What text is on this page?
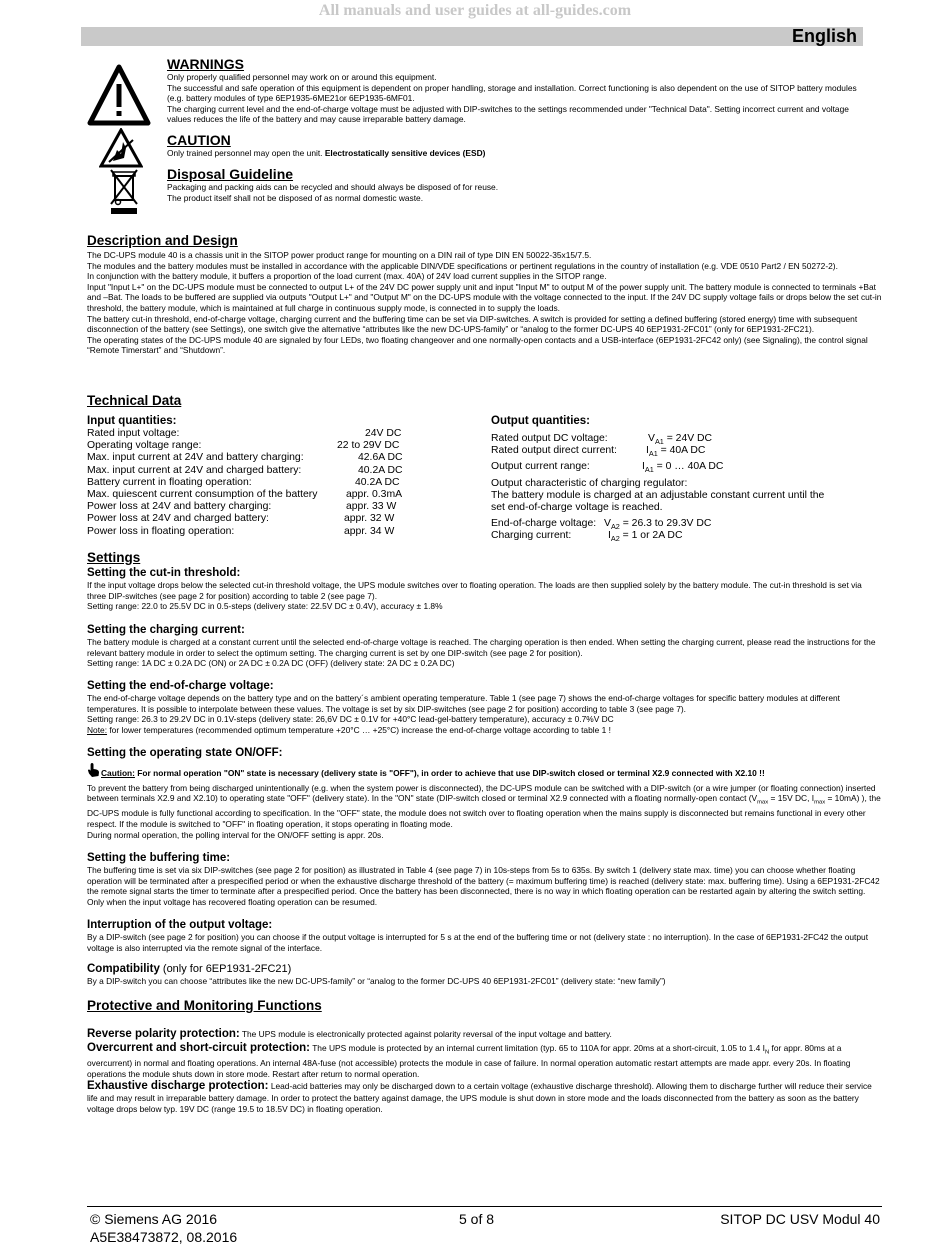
All manuals and user guides at all-guides.com
English
WARNINGS
Only properly qualified personnel may work on or around this equipment.
The successful and safe operation of this equipment is dependent on proper handling, storage and installation. Correct functioning is also dependent on the use of SITOP battery modules (e.g. battery modules of type 6EP1935-6ME21or 6EP1935-6MF01.
The charging current level and the end-of-charge voltage must be adjusted with DIP-switches to the settings recommended under "Technical Data". Setting incorrect current and voltage values reduces the life of the battery and may cause irreparable battery damage.
CAUTION
Only trained personnel may open the unit. Electrostatically sensitive devices (ESD)
Disposal Guideline
Packaging and packing aids can be recycled and should always be disposed of for reuse.
The product itself shall not be disposed of as normal domestic waste.
Description and Design

The DC-UPS module 40 is a chassis unit in the SITOP power product range for mounting on a DIN rail of type DIN EN 50022-35x15/7.5.

The modules and the battery modules must be installed in accordance with the applicable DIN/VDE specifications or pertinent regulations in the country of installation (e.g. VDE 0510 Part2 / EN 50272-2).

In conjunction with the battery module, it buffers a proportion of the load current (max. 40A) of 24V load current supplies in the SITOP range.

Input "Input L+" on the DC-UPS module must be connected to output L+ of the 24V DC power supply unit and input "Input M" to output M of the power supply unit. The battery module is connected to terminals +Bat and –Bat. The loads to be buffered are supplied via outputs "Output L+" and "Output M" on the DC-UPS module with the voltage connected to the input. If the 24V DC supply voltage fails or drops below the set cut-in threshold, the battery module, which is maintained at full charge in continuous supply mode, is connected in to supply the loads.

The battery cut-in threshold, end-of-charge voltage, charging current and the buffering time can be set via DIP-switches. A switch is provided for setting a defined buffering (stored energy) time with subsequent disconnection of the battery (see Settings), one switch give the alternative “attributes like the new DC-UPS-family” or “analog to the former DC-UPS 40 6EP1931-2FC01” (only for 6EP1931-2FC21).

The operating states of the DC-UPS module 40 are signaled by four LEDs, two floating changeover and one normally-open contacts and a USB-interface (6EP1931-2FC42 only) (see Signaling), the control signal “Remote Timerstart” and “Shutdown”.

Technical Data
Input quantities:
Rated input voltage:	24V DC
Operating voltage range:	22 to 29V DC
Max. input current at 24V and battery charging:	42.6A DC
Max. input current at 24V and charged battery:	40.2A DC
Battery current in floating operation:	40.2A DC
Max. quiescent current consumption of the battery	appr. 0.3mA
Power loss at 24V and battery charging:	appr. 33 W
Power loss at 24V and charged battery:	appr. 32 W
Power loss in floating operation:	appr. 34 W
Output quantities:
Rated output DC voltage:	$V_{A1} = 24V$ DC
Rated output direct current:	$I_{A1} = 40A$ DC
Output current range:	$I_{A1} = 0$ … 40A DC
Output characteristic of charging regulator:
The battery module is charged at an adjustable constant current until the
set end-of-charge voltage is reached.
End-of-charge voltage: $V_{A2} = 26.3$ to 29.3V DC
Charging current:	$I_{A2} = 1$ or 2A DC
Settings
Setting the cut-in threshold:

If the input voltage drops below the selected cut-in threshold voltage, the UPS module switches over to floating operation. The loads are then supplied solely by the battery module. The cut-in threshold is set via three DIP-switches (see page 2 for position) according to table 2 (see page 7).

Setting range: 22.0 to 25.5V DC in 0.5-steps (delivery state: 22.5V DC ± 0.4V), accuracy ± 1.8%

Setting the charging current:

The battery module is charged at a constant current until the selected end-of-charge voltage is reached. The charging operation is then ended. When setting the charging current, please read the instructions for the relevant battery module in order to select the optimum setting. The charging current is set by one DIP-switch (see page 2 for position).

Setting range: 1A DC ± 0.2A DC (ON) or 2A DC ± 0.2A DC (OFF) (delivery state: 2A DC ± 0.2A DC)

Setting the end-of-charge voltage:

The end-of-charge voltage depends on the battery type and on the battery´s ambient operating temperature. Table 1 (see page 7) shows the end-of-charge voltages for specific battery modules at different temperatures. It is possible to interpolate between these values. The voltage is set by six DIP-switches (see page 2 for position) according to table 3 (see page 7).

Setting range: 26.3 to 29.2V DC in 0.1V-steps (delivery state: 26,6V DC ± 0.1V for +40°C lead-gel-battery temperature), accuracy ± 0.7%V DC

Note: for lower temperatures (recommended optimum temperature +20°C … +25°C) increase the end-of-charge voltage according to table 1 !

Setting the operating state ON/OFF:

Caution: For normal operation "ON" state is necessary (delivery state is "OFF"), in order to achieve that use DIP-switch closed or terminal X2.9 connected with X2.10 !!

To prevent the battery from being discharged unintentionally (e.g. when the system power is disconnected), the DC-UPS module can be switched with a DIP-switch (or a wire jumper (or floating connection) inserted between terminals X2.9 and X2.10) to operating state "OFF" (delivery state). In the "ON" state (DIP-switch closed or terminal X2.9 connected with a floating normally-open contact ($V_{max} = 15V$ DC, $I_{max} = 10mA$) ), the DC-UPS module is fully functional according to specification. In the "OFF" state, the module does not switch over to floating operation when the mains supply is disconnected but remains functional in every other respect. If the module is switched to "OFF" in floating operation, it stops operating in floating mode.

During normal operation, the polling interval for the ON/OFF setting is appr. 20s.

Setting the buffering time:

The buffering time is set via six DIP-switches (see page 2 for position) as illustrated in Table 4 (see page 7) in 10s-steps from 5s to 635s. By switch 1 (delivery state max. time) you can choose whether floating operation will be terminated after a prespecified period or when the exhaustive discharge threshold of the battery (= maximum buffering time) is reached (delivery state: max. buffering time). Using a 6EP1931-2FC42 the remote signal starts the timer to terminate after a prespecified period. Once the battery has been disconnected, there is no way in which floating operation can be restarted again by altering the switch setting. Only when the input voltage has recovered floating operation can be resumed.

Interruption of the output voltage:

By a DIP-switch (see page 2 for position) you can choose if the output voltage is interrupted for 5 s at the end of the buffering time or not (delivery state : no interruption). In the case of 6EP1931-2FC42 the output voltage is also interrupted via the remote signal of the interface.

Compatibility (only for 6EP1931-2FC21)

By a DIP-switch you can choose “attributes like the new DC-UPS-family” or “analog to the former DC-UPS 40 6EP1931-2FC01” (delivery state: “new family”)

Protective and Monitoring Functions

Reverse polarity protection: The UPS module is electronically protected against polarity reversal of the input voltage and battery.

Overcurrent and short-circuit protection: The UPS module is protected by an internal current limitation (typ. 65 to 110A for appr. 20ms at a short-circuit, 1.05 to 1.4 $I_N$ for appr. 80ms at a overcurrent) in normal and floating operations. An internal 48A-fuse (not accessible) protects the module in case of failure. In normal operation automatic restart attempts are made appr. every 20s. In floating operations the module shuts down in store mode. Restart after return to normal operation.

Exhaustive discharge protection: Lead-acid batteries may only be discharged down to a certain voltage (exhaustive discharge threshold). Allowing them to discharge further will reduce their service life and may result in irreparable battery damage. In order to protect the battery against damage, the UPS module is shut down in store mode and the loads disconnected from the battery as soon as the battery voltage drops below typ. 19V DC (range 19.5 to 18.5V DC) in floating operation.

© Siemens AG 2016
A5E38473872, 08.2016
5 of 8	SITOP DC USV Modul 40
